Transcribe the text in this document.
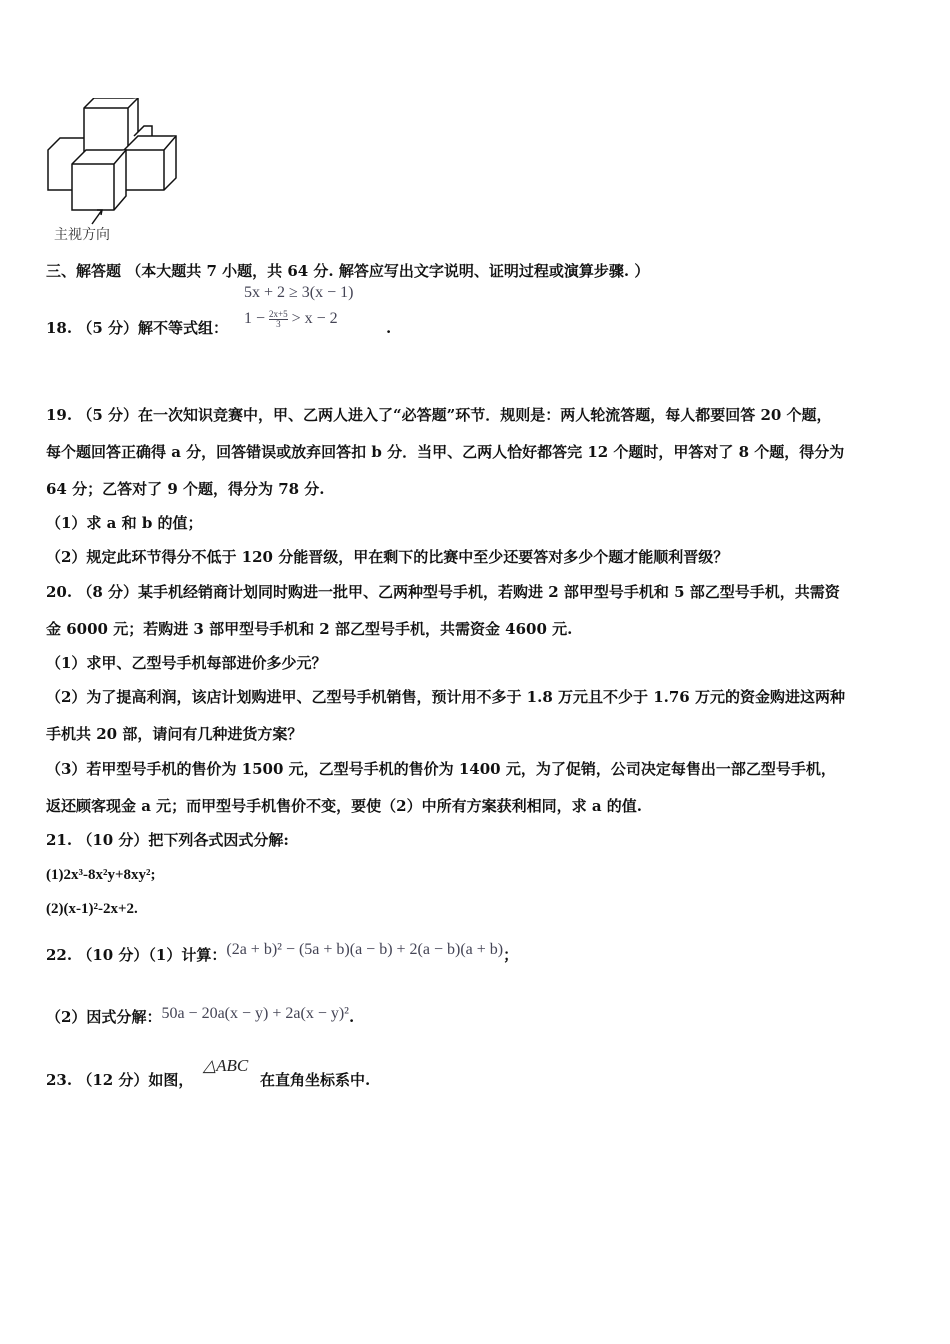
主视方向
三、解答题 （本大题共 7 小题，共 64 分. 解答应写出文字说明、证明过程或演算步骤. ）
5x + 2 ≥ 3(x − 1)
$1 - \frac{2x+5}{3} > x - 2$
18. （5 分）解不等式组：	.
19. （5 分）在一次知识竞赛中，甲、乙两人进入了“必答题”环节．规则是：两人轮流答题，每人都要回答 20 个题，
每个题回答正确得 a 分，回答错误或放弃回答扣 b 分．当甲、乙两人恰好都答完 12 个题时，甲答对了 8 个题，得分为
64 分；乙答对了 9 个题，得分为 78 分.
（1）求 a 和 b 的值；
（2）规定此环节得分不低于 120 分能晋级，甲在剩下的比赛中至少还要答对多少个题才能顺利晋级？
20. （8 分）某手机经销商计划同时购进一批甲、乙两种型号手机，若购进 2 部甲型号手机和 5 部乙型号手机，共需资
金 6000 元；若购进 3 部甲型号手机和 2 部乙型号手机，共需资金 4600 元.
（1）求甲、乙型号手机每部进价多少元？
（2）为了提高利润，该店计划购进甲、乙型号手机销售，预计用不多于 1.8 万元且不少于 1.76 万元的资金购进这两种
手机共 20 部，请问有几种进货方案？
（3）若甲型号手机的售价为 1500 元，乙型号手机的售价为 1400 元，为了促销，公司决定每售出一部乙型号手机，
返还顾客现金 a 元；而甲型号手机售价不变，要使（2）中所有方案获利相同，求 a 的值.
21. （10 分）把下列各式因式分解:
(1)2x³-8x²y+8xy²;
(2)(x-1)²-2x+2.
22. （10 分）（1）计算：(2a + b)² − (5a + b)(a − b) + 2(a − b)(a + b)；
（2）因式分解：50a − 20a(x − y) + 2a(x − y)².
23. （12 分）如图，
△ABC
在直角坐标系中.
